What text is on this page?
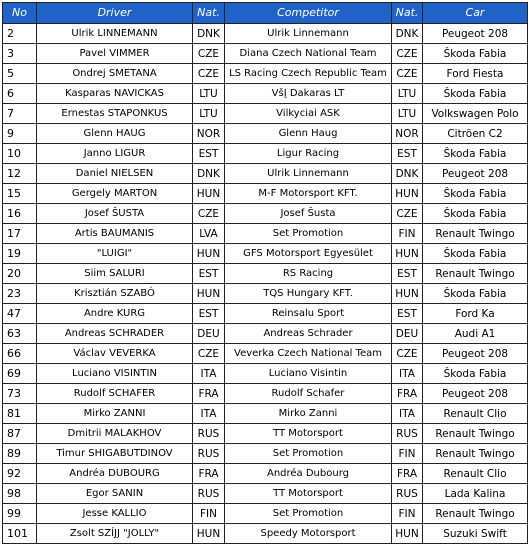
No	Driver	Nat.	Competitor	Nat.	Car
2	Ulrik LINNEMANN	DNK	Ulrik Linnemann	DNK	Peugeot 208
3	Pavel VIMMER	CZE	Diana Czech National Team	CZE	Škoda Fabia
5	Ondrej SMETANA	CZE	LS Racing Czech Republic Team	CZE	Ford Fiesta
6	Kasparas NAVICKAS	LTU	VšĮ Dakaras LT	LTU	Škoda Fabia
7	Ernestas STAPONKUS	LTU	Vilkyciai ASK	LTU	Volkswagen Polo
9	Glenn HAUG	NOR	Glenn Haug	NOR	Citröen C2
10	Janno LIGUR	EST	Ligur Racing	EST	Škoda Fabia
12	Daniel NIELSEN	DNK	Ulrik Linnemann	DNK	Peugeot 208
15	Gergely MARTON	HUN	M-F Motorsport KFT.	HUN	Škoda Fabia
16	Josef ŠUSTA	CZE	Josef Šusta	CZE	Škoda Fabia
17	Artis BAUMANIS	LVA	Set Promotion	FIN	Renault Twingo
19	"LUIGI"	HUN	GFS Motorsport Egyesület	HUN	Škoda Fabia
20	Siim SALURI	EST	RS Racing	EST	Renault Twingo
23	Krisztián SZABÓ	HUN	TQS Hungary KFT.	HUN	Škoda Fabia
47	Andre KURG	EST	Reinsalu Sport	EST	Ford Ka
63	Andreas SCHRADER	DEU	Andreas Schrader	DEU	Audi A1
66	Václav VEVERKA	CZE	Veverka Czech National Team	CZE	Peugeot 208
69	Luciano VISINTIN	ITA	Luciano Visintin	ITA	Škoda Fabia
73	Rudolf SCHAFER	FRA	Rudolf Schafer	FRA	Peugeot 208
81	Mirko ZANNI	ITA	Mirko Zanni	ITA	Renault Clio
87	Dmitrii MALAKHOV	RUS	TT Motorsport	RUS	Renault Twingo
89	Timur SHIGABUTDINOV	RUS	Set Promotion	FIN	Renault Twingo
92	Andréa DUBOURG	FRA	Andréa Dubourg	FRA	Renault Clio
98	Egor SANIN	RUS	TT Motorsport	RUS	Lada Kalina
99	Jesse KALLIO	FIN	Set Promotion	FIN	Renault Twingo
101	Zsolt SZÍJJ "JOLLY"	HUN	Speedy Motorsport	HUN	Suzuki Swift
